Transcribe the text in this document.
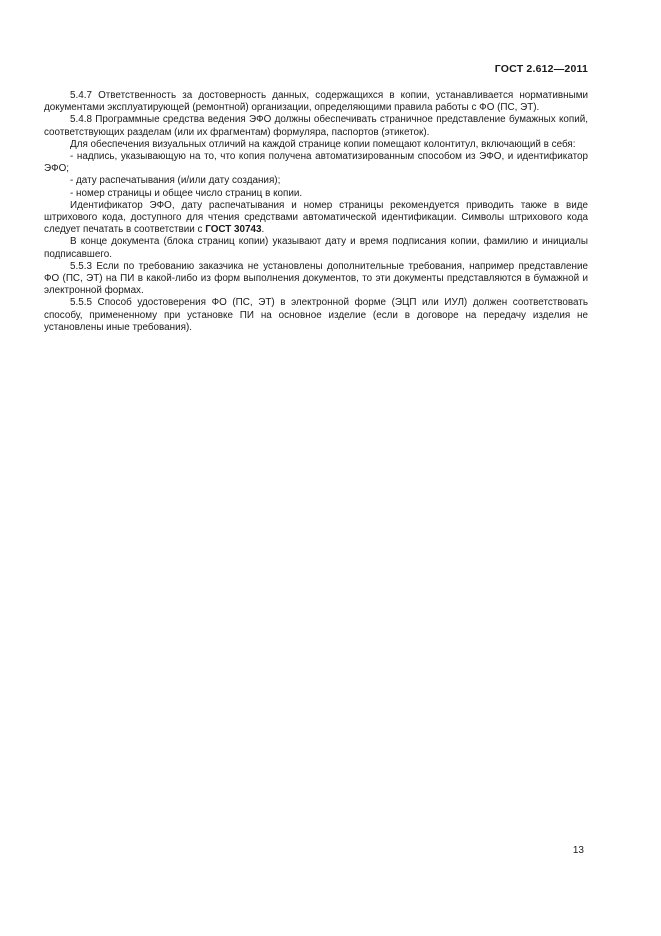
ГОСТ 2.612—2011

5.4.7 Ответственность за достоверность данных, содержащихся в копии, устанавливается нормативными документами эксплуатирующей (ремонтной) организации, определяющими правила работы с ФО (ПС, ЭТ).

5.4.8 Программные средства ведения ЭФО должны обеспечивать страничное представление бумажных копий, соответствующих разделам (или их фрагментам) формуляра, паспортов (этикеток).

Для обеспечения визуальных отличий на каждой странице копии помещают колонтитул, включающий в себя:

- надпись, указывающую на то, что копия получена автоматизированным способом из ЭФО, и идентификатор ЭФО;

- дату распечатывания (и/или дату создания);

- номер страницы и общее число страниц в копии.

Идентификатор ЭФО, дату распечатывания и номер страницы рекомендуется приводить также в виде штрихового кода, доступного для чтения средствами автоматической идентификации. Символы штрихового кода следует печатать в соответствии с ГОСТ 30743.

В конце документа (блока страниц копии) указывают дату и время подписания копии, фамилию и инициалы подписавшего.

5.5.3 Если по требованию заказчика не установлены дополнительные требования, например представление ФО (ПС, ЭТ) на ПИ в какой-либо из форм выполнения документов, то эти документы представляются в бумажной и электронной формах.

5.5.5 Способ удостоверения ФО (ПС, ЭТ) в электронной форме (ЭЦП или ИУЛ) должен соответствовать способу, примененному при установке ПИ на основное изделие (если в договоре на передачу изделия не установлены иные требования).

13
